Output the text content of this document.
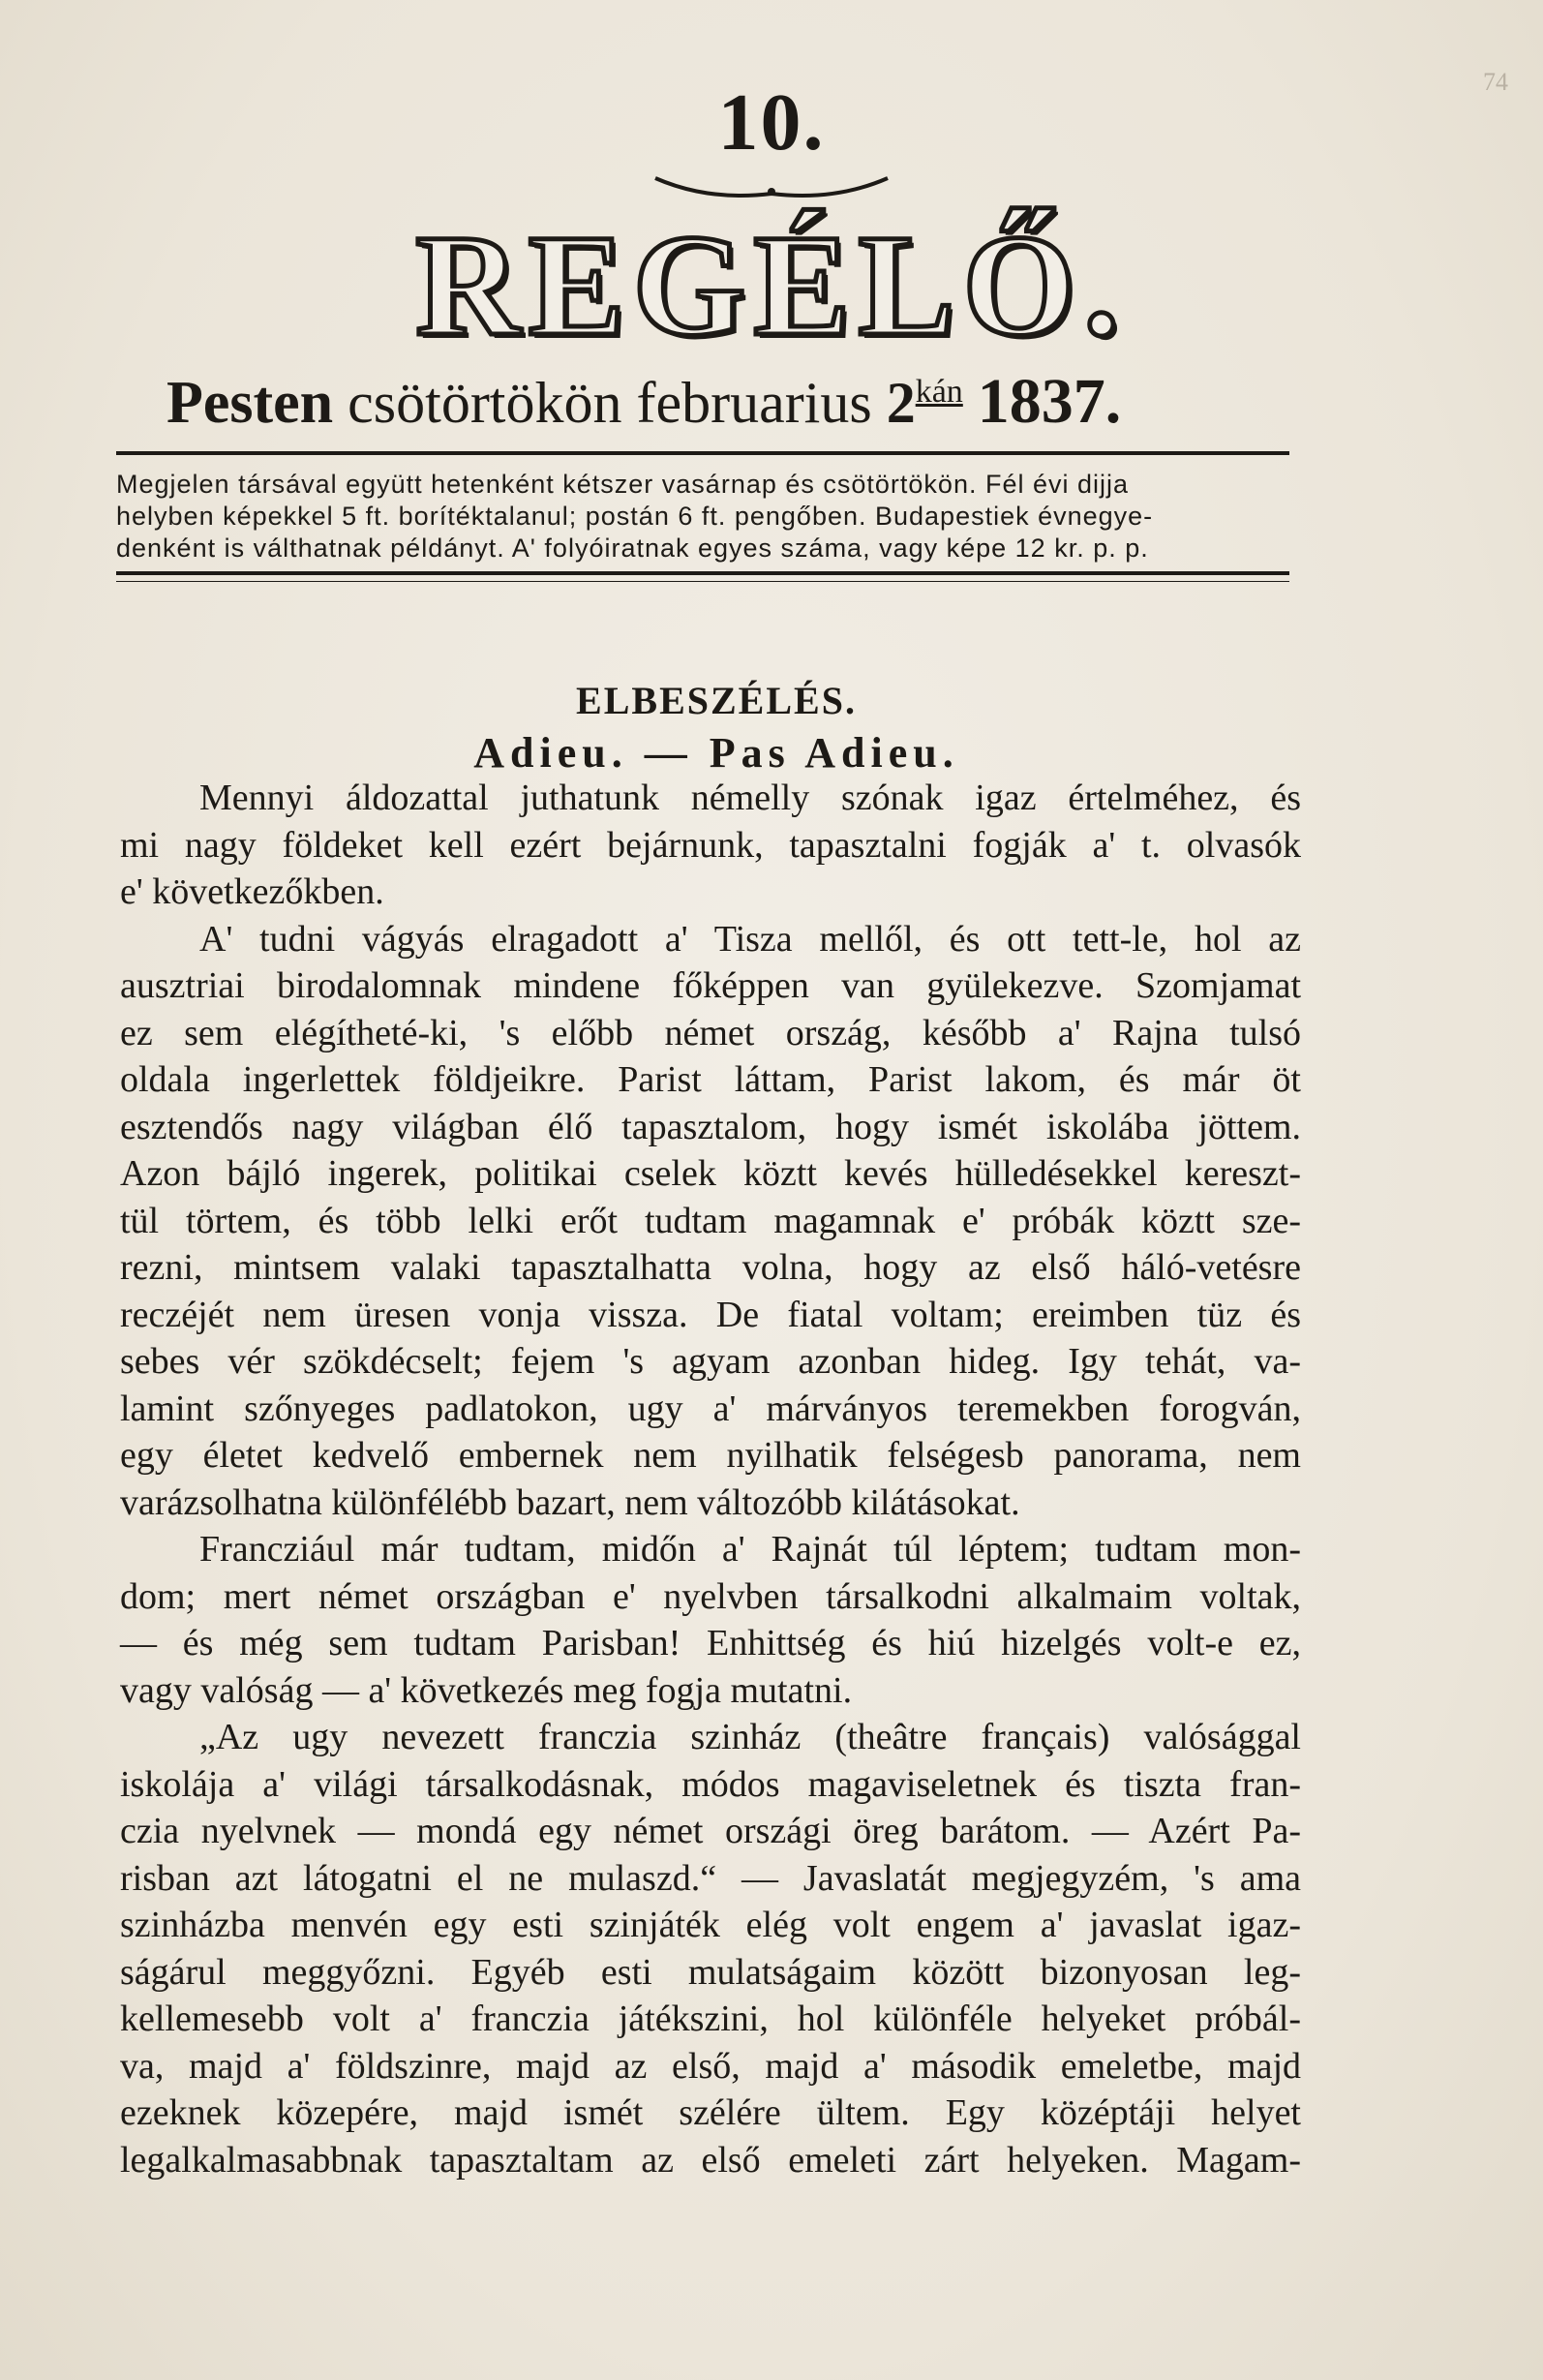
74
10.
REGÉLŐ.
Pesten csötörtökön februarius $2^{kán}$ 1837.
Megjelen társával együtt hetenként kétszer vasárnap és csötörtökön. Fél évi dijja
helyben képekkel 5 ft. borítéktalanul; postán 6 ft. pengőben. Budapestiek évnegye-
denként is válthatnak példányt. A' folyóiratnak egyes száma, vagy képe 12 kr. p. p.
ELBESZÉLÉS.
Adieu. — Pas Adieu.
Mennyi áldozattal juthatunk némelly szónak igaz értelméhez, és
mi nagy földeket kell ezért bejárnunk, tapasztalni fogják a' t. olvasók
e' következőkben.
A' tudni vágyás elragadott a' Tisza mellől, és ott tett-le, hol az
ausztriai birodalomnak mindene főképpen van gyülekezve. Szomjamat
ez sem elégítheté-ki, 's előbb német ország, később a' Rajna tulsó
oldala ingerlettek földjeikre. Parist láttam, Parist lakom, és már öt
esztendős nagy világban élő tapasztalom, hogy ismét iskolába jöttem.
Azon bájló ingerek, politikai cselek köztt kevés hülledésekkel kereszt-
tül törtem, és több lelki erőt tudtam magamnak e' próbák köztt sze-
rezni, mintsem valaki tapasztalhatta volna, hogy az első háló-vetésre
reczéjét nem üresen vonja vissza. De fiatal voltam; ereimben tüz és
sebes vér szökdécselt; fejem 's agyam azonban hideg. Igy tehát, va-
lamint szőnyeges padlatokon, ugy a' márványos teremekben forogván,
egy életet kedvelő embernek nem nyilhatik felségesb panorama, nem
varázsolhatna különfélébb bazart, nem változóbb kilátásokat.
Francziául már tudtam, midőn a' Rajnát túl léptem; tudtam mon-
dom; mert német országban e' nyelvben társalkodni alkalmaim voltak,
— és még sem tudtam Parisban! Enhittség és hiú hizelgés volt-e ez,
vagy valóság — a' következés meg fogja mutatni.
„Az ugy nevezett franczia szinház (theâtre français) valósággal
iskolája a' világi társalkodásnak, módos magaviseletnek és tiszta fran-
czia nyelvnek — mondá egy német országi öreg barátom. — Azért Pa-
risban azt látogatni el ne mulaszd.“ — Javaslatát megjegyzém, 's ama
szinházba menvén egy esti szinjáték elég volt engem a' javaslat igaz-
ságárul meggyőzni. Egyéb esti mulatságaim között bizonyosan leg-
kellemesebb volt a' franczia játékszini, hol különféle helyeket próbál-
va, majd a' földszinre, majd az első, majd a' második emeletbe, majd
ezeknek közepére, majd ismét szélére ültem. Egy középtáji helyet
legalkalmasabbnak tapasztaltam az első emeleti zárt helyeken. Magam-
